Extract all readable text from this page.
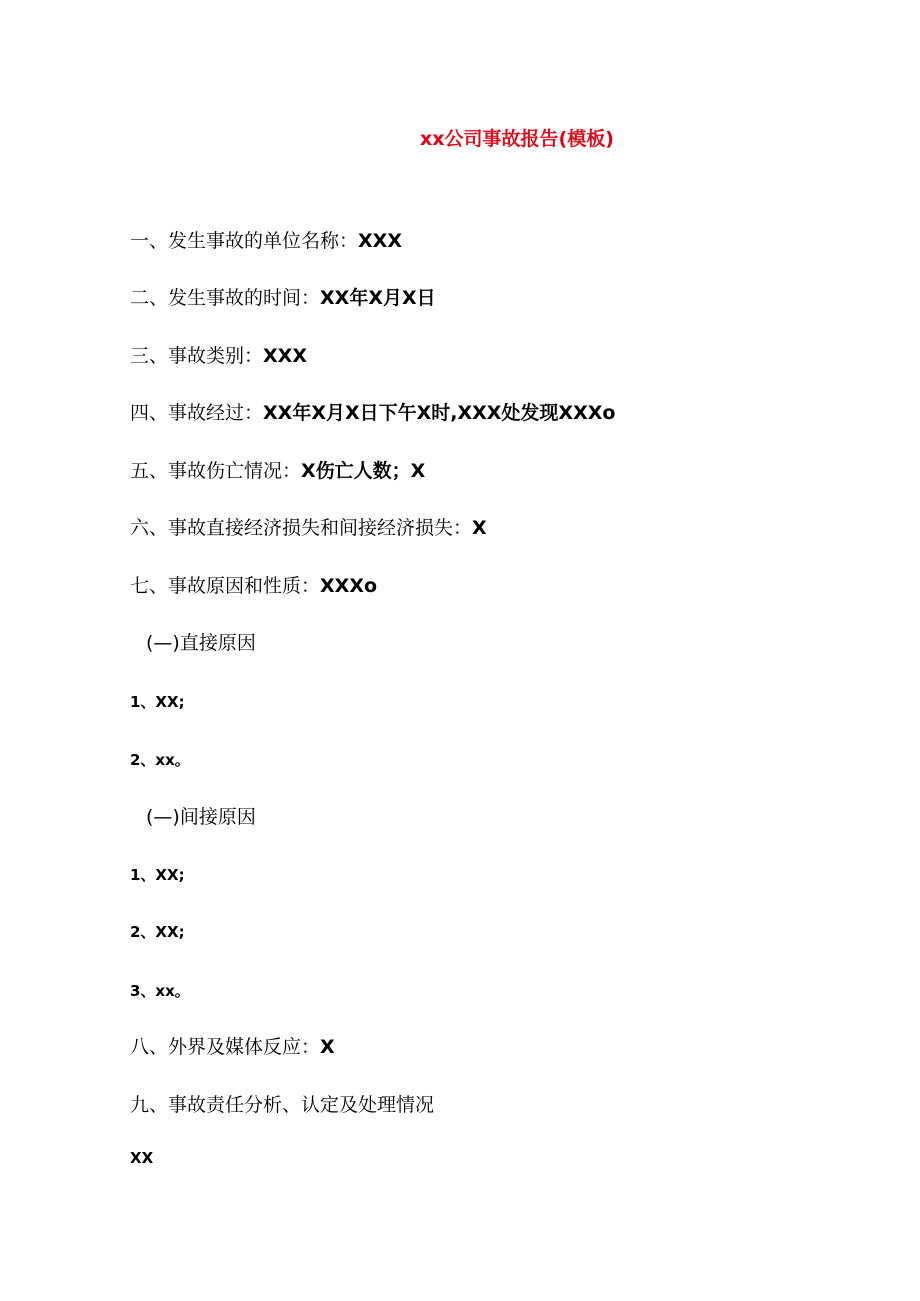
xx公司事故报告(模板)
一、发生事故的单位名称：XXX
二、发生事故的时间：XX年X月X日
三、事故类别：XXX
四、事故经过：XX年X月X日下午X时,XXX处发现XXXo
五、事故伤亡情况：X伤亡人数；X
六、事故直接经济损失和间接经济损失：X
七、事故原因和性质：XXXo
(—)直接原因
1、XX;
2、xx。
(—)间接原因
1、XX;
2、XX;
3、xx。
八、外界及媒体反应：X
九、事故责任分析、认定及处理情况
XX
